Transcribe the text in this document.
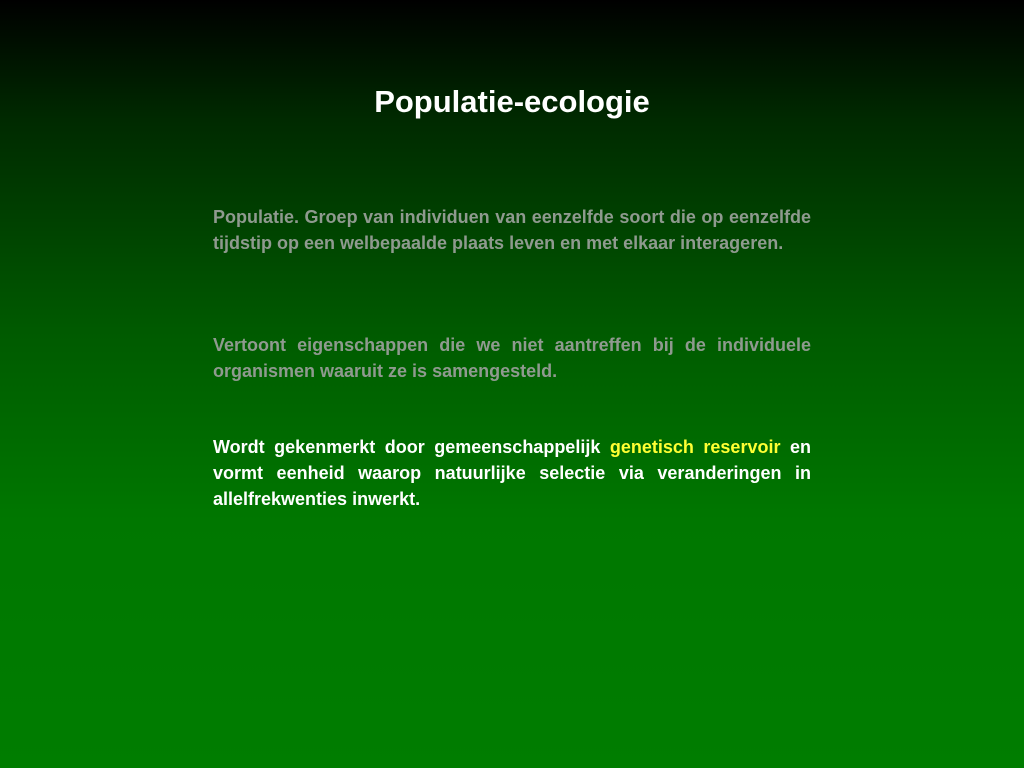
Populatie-ecologie

Populatie. Groep van individuen van eenzelfde soort die op eenzelfde tijdstip op een welbepaalde plaats leven en met elkaar interageren.

Vertoont eigenschappen die we niet aantreffen bij de individuele organismen waaruit ze is samengesteld.

Wordt gekenmerkt door gemeenschappelijk genetisch reservoir en vormt eenheid waarop natuurlijke selectie via veranderingen in allelfrekwenties inwerkt.
